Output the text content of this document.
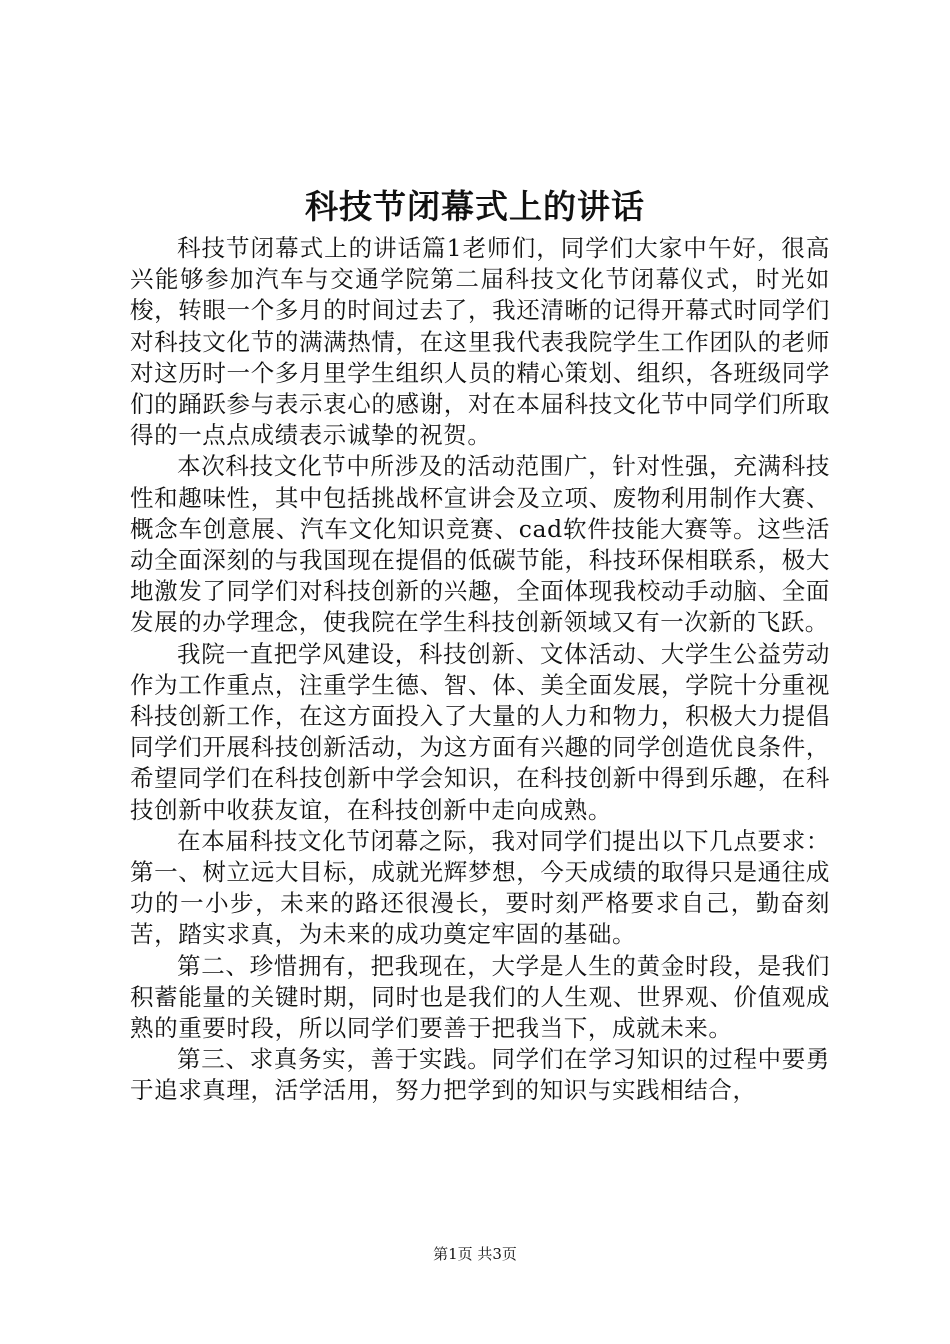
科技节闭幕式上的讲话

科技节闭幕式上的讲话篇1老师们，同学们大家中午好，很高兴能够参加汽车与交通学院第二届科技文化节闭幕仪式，时光如梭，转眼一个多月的时间过去了，我还清晰的记得开幕式时同学们对科技文化节的满满热情，在这里我代表我院学生工作团队的老师对这历时一个多月里学生组织人员的精心策划、组织，各班级同学们的踊跃参与表示衷心的感谢，对在本届科技文化节中同学们所取得的一点点成绩表示诚挚的祝贺。

本次科技文化节中所涉及的活动范围广，针对性强，充满科技性和趣味性，其中包括挑战杯宣讲会及立项、废物利用制作大赛、概念车创意展、汽车文化知识竞赛、cad软件技能大赛等。这些活动全面深刻的与我国现在提倡的低碳节能，科技环保相联系，极大地激发了同学们对科技创新的兴趣，全面体现我校动手动脑、全面发展的办学理念，使我院在学生科技创新领域又有一次新的飞跃。

我院一直把学风建设，科技创新、文体活动、大学生公益劳动作为工作重点，注重学生德、智、体、美全面发展，学院十分重视科技创新工作，在这方面投入了大量的人力和物力，积极大力提倡同学们开展科技创新活动，为这方面有兴趣的同学创造优良条件，希望同学们在科技创新中学会知识，在科技创新中得到乐趣，在科技创新中收获友谊，在科技创新中走向成熟。

在本届科技文化节闭幕之际，我对同学们提出以下几点要求：第一、树立远大目标，成就光辉梦想，今天成绩的取得只是通往成功的一小步，未来的路还很漫长，要时刻严格要求自己，勤奋刻苦，踏实求真，为未来的成功奠定牢固的基础。

第二、珍惜拥有，把我现在，大学是人生的黄金时段，是我们积蓄能量的关键时期，同时也是我们的人生观、世界观、价值观成熟的重要时段，所以同学们要善于把我当下，成就未来。

第三、求真务实，善于实践。同学们在学习知识的过程中要勇于追求真理，活学活用，努力把学到的知识与实践相结合，

第1页 共3页
